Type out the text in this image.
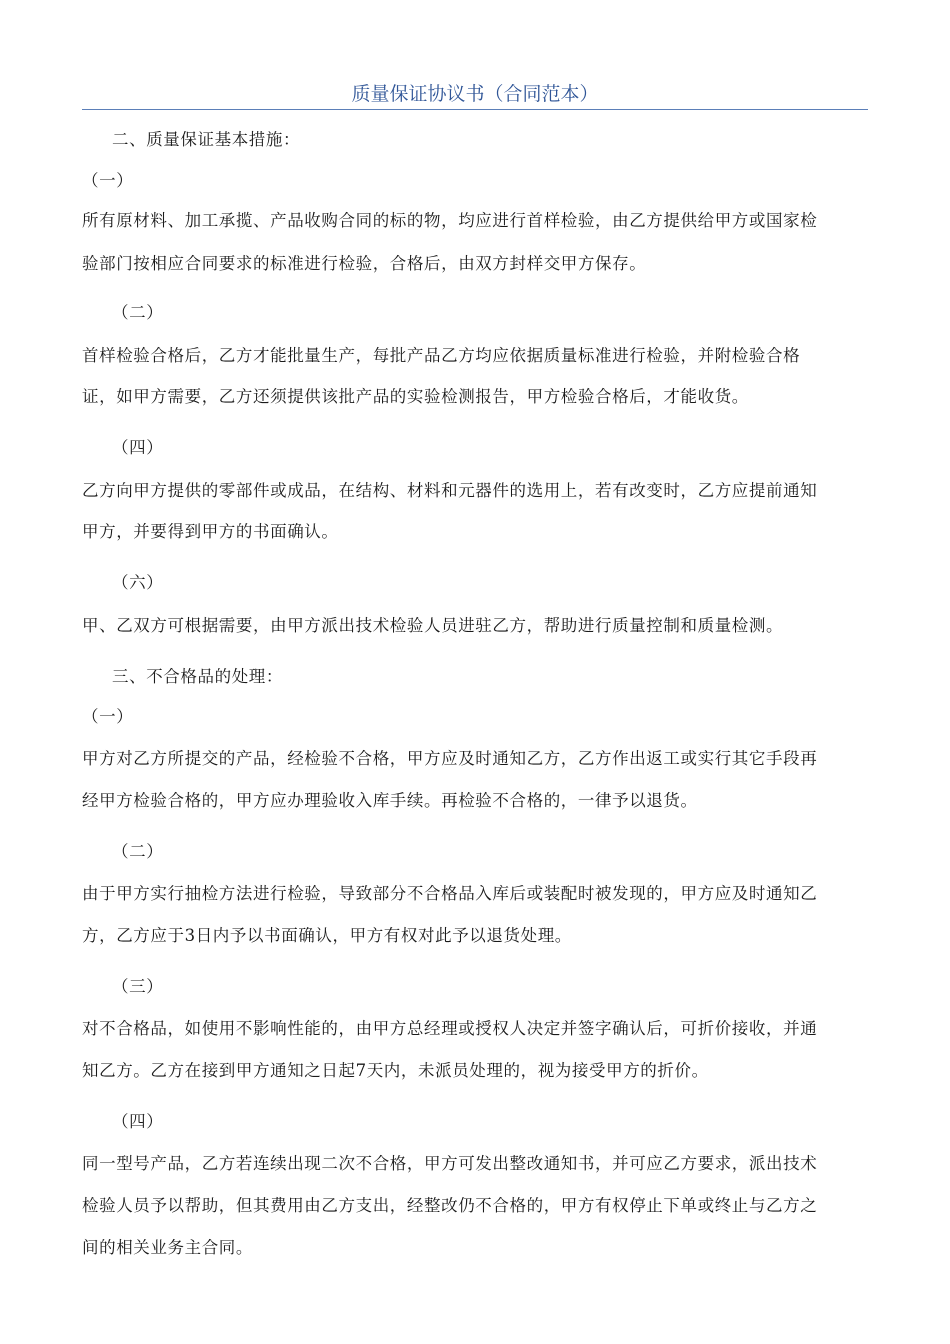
质量保证协议书（合同范本）
二、质量保证基本措施：
（一）
所有原材料、加工承揽、产品收购合同的标的物，均应进行首样检验，由乙方提供给甲方或国家检
验部门按相应合同要求的标准进行检验，合格后，由双方封样交甲方保存。
（二）
首样检验合格后，乙方才能批量生产，每批产品乙方均应依据质量标准进行检验，并附检验合格
证，如甲方需要，乙方还须提供该批产品的实验检测报告，甲方检验合格后，才能收货。
（四）
乙方向甲方提供的零部件或成品，在结构、材料和元器件的选用上，若有改变时，乙方应提前通知
甲方，并要得到甲方的书面确认。
（六）
甲、乙双方可根据需要，由甲方派出技术检验人员进驻乙方，帮助进行质量控制和质量检测。
三、不合格品的处理：
（一）
甲方对乙方所提交的产品，经检验不合格，甲方应及时通知乙方，乙方作出返工或实行其它手段再
经甲方检验合格的，甲方应办理验收入库手续。再检验不合格的，一律予以退货。
（二）
由于甲方实行抽检方法进行检验，导致部分不合格品入库后或装配时被发现的，甲方应及时通知乙
方，乙方应于3日内予以书面确认，甲方有权对此予以退货处理。
（三）
对不合格品，如使用不影响性能的，由甲方总经理或授权人决定并签字确认后，可折价接收，并通
知乙方。乙方在接到甲方通知之日起7天内，未派员处理的，视为接受甲方的折价。
（四）
同一型号产品，乙方若连续出现二次不合格，甲方可发出整改通知书，并可应乙方要求，派出技术
检验人员予以帮助，但其费用由乙方支出，经整改仍不合格的，甲方有权停止下单或终止与乙方之
间的相关业务主合同。
